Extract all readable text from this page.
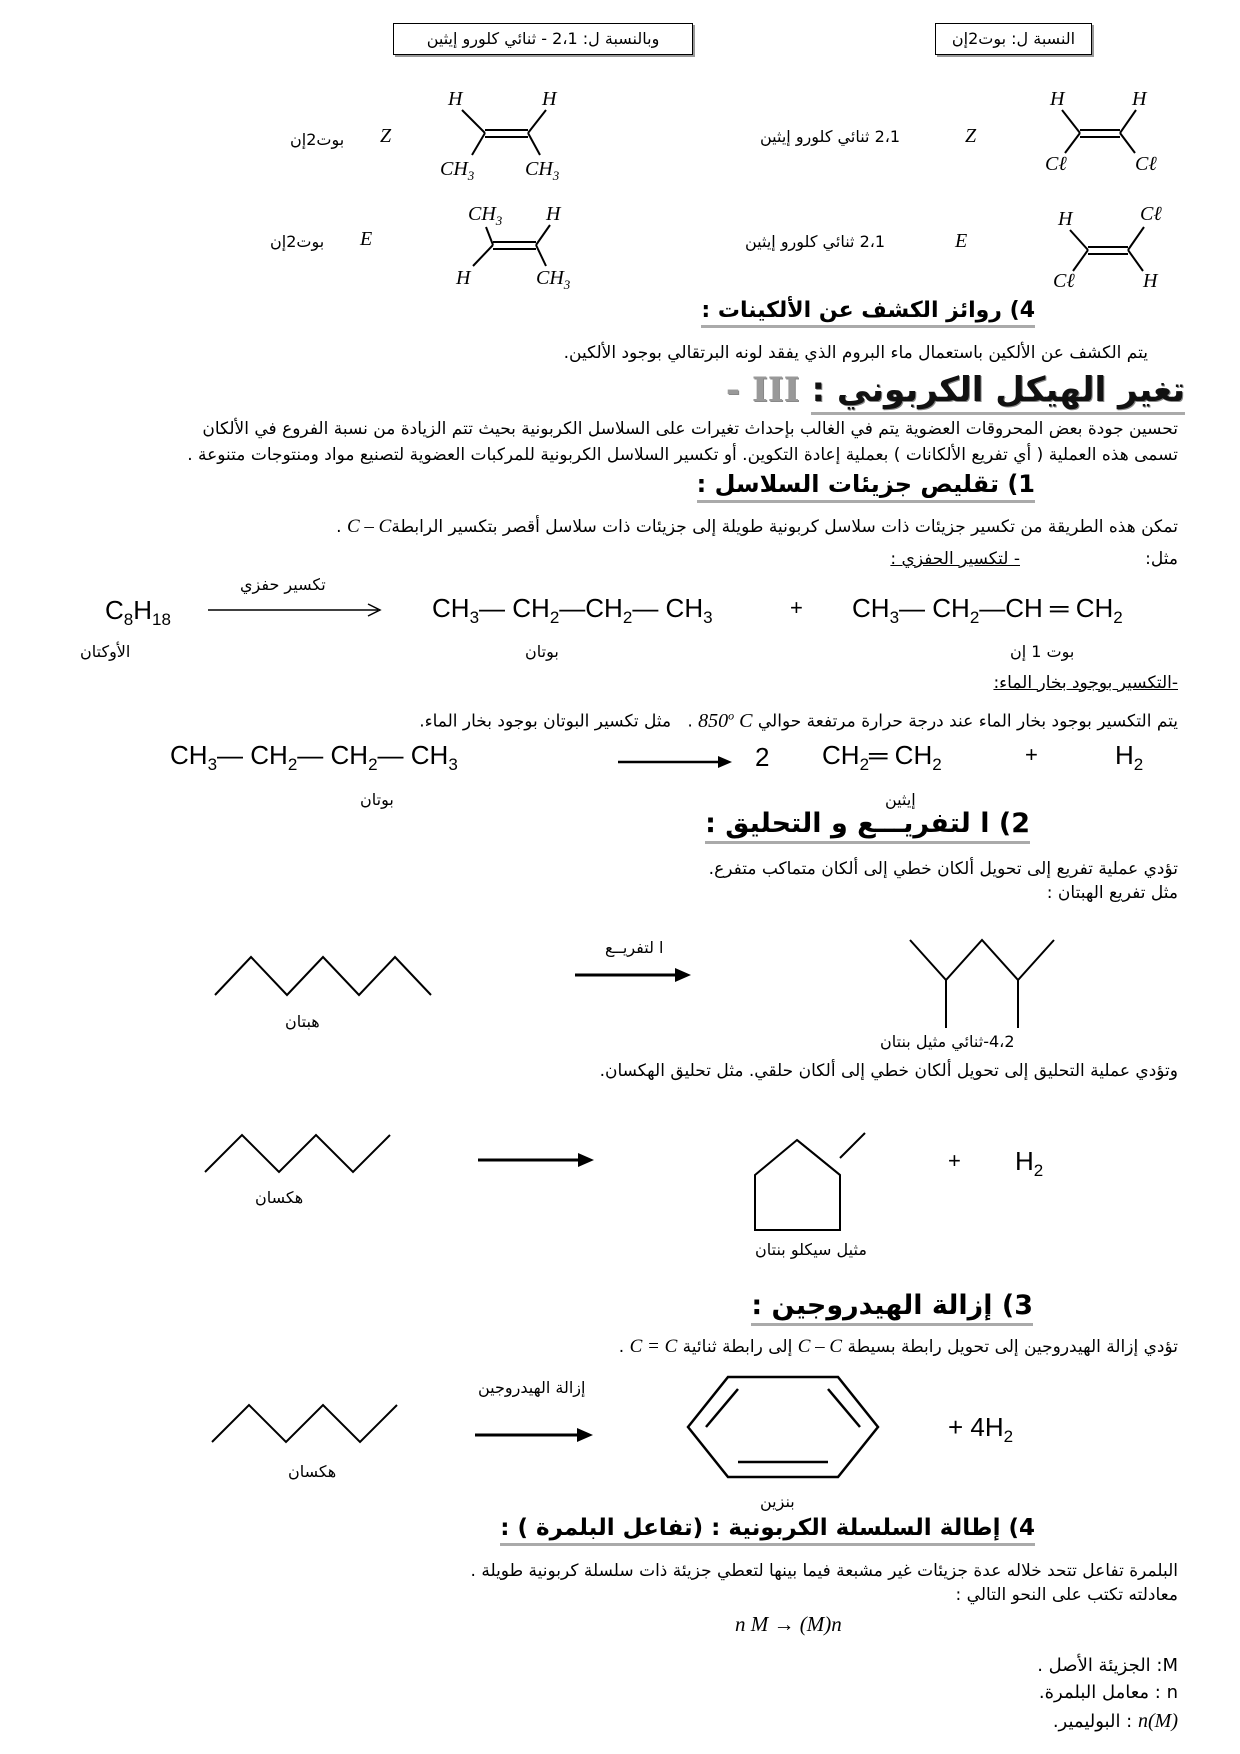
النسبة ل: بوت2إن
وبالنسبة ل: 2،1 - ثنائي كلورو إيثين
H	H
Cℓ	Cℓ
Z
2،1 ثنائي كلورو إيثين
H	Cℓ
Cℓ	H
E
2،1 ثنائي كلورو إيثين
H	H
$CH_3$	$CH_3$
Z
بوت2إن
$CH_3$ H
H	$CH_3$
E
بوت2إن
4) روائز الكشف عن الألكينات :
يتم الكشف عن الألكين باستعمال ماء البروم الذي يفقد لونه البرتقالي بوجود الألكين.
تغير الهيكل الكربوني : III -
تحسين جودة بعض المحروقات العضوية يتم في الغالب بإحداث تغيرات على السلاسل الكربونية بحيث تتم الزيادة من نسبة الفروع في الألكان
تسمى هذه العملية ( أي تفريع الألكانات ) بعملية إعادة التكوين. أو تكسير السلاسل الكربونية للمركبات العضوية لتصنيع مواد ومنتوجات متنوعة .
1) تقليص جزيئات السلاسل :
تمكن هذه الطريقة من تكسير جزيئات ذات سلاسل كربونية طويلة إلى جزيئات ذات سلاسل أقصر بتكسير الرابطةC – C .
مثل:
- لتكسير الحفزي :
$C_8H_{18}$
الأوكتان
تكسير حفزي
$CH_3—$ $CH_2—CH_2—$ $CH_3$
بوتان
+ $CH_3—$ $CH_2—CH$ ═ $CH_2$
بوت 1 إن
-التكسير بوجود بخار الماء:
يتم التكسير بوجود بخار الماء عند درجة حرارة مرتفعة حوالي 850$^o$ C .   مثل تكسير البوتان بوجود بخار الماء.
$CH_3—$ $CH_2—$ $CH_2—$ $CH_3$
بوتان
2 $CH_2═$ $CH_2$
إيثين
+	$H_2$
2) ا لتفريـــع و التحليق :
تؤدي عملية تفريع إلى تحويل ألكان خطي إلى ألكان متماكب متفرع.
مثل تفريع الهبتان :
هبتان
ا لتفريــع
4،2-ثنائي مثيل بنتان
وتؤدي عملية التحليق إلى تحويل ألكان خطي إلى ألكان حلقي. مثل تحليق الهكسان.
هكسان
مثيل سيكلو بنتان
+ $H_2$
3) إزالة الهيدروجين :
تؤدي إزالة الهيدروجين إلى تحويل رابطة بسيطة C – C إلى رابطة ثنائية C = C .
هكسان
إزالة الهيدروجين
بنزين
+ $4H_2$
4) إطالة السلسلة الكربونية : (تفاعل البلمرة ) :
البلمرة تفاعل تتحد خلاله عدة جزيئات غير مشبعة فيما بينها لتعطي جزيئة ذات سلسلة كربونية طويلة .
معادلته تكتب على النحو التالي :
n M → (M)n
M: الجزيئة الأصل .
n : معامل البلمرة.
(M)n : البوليمير.
